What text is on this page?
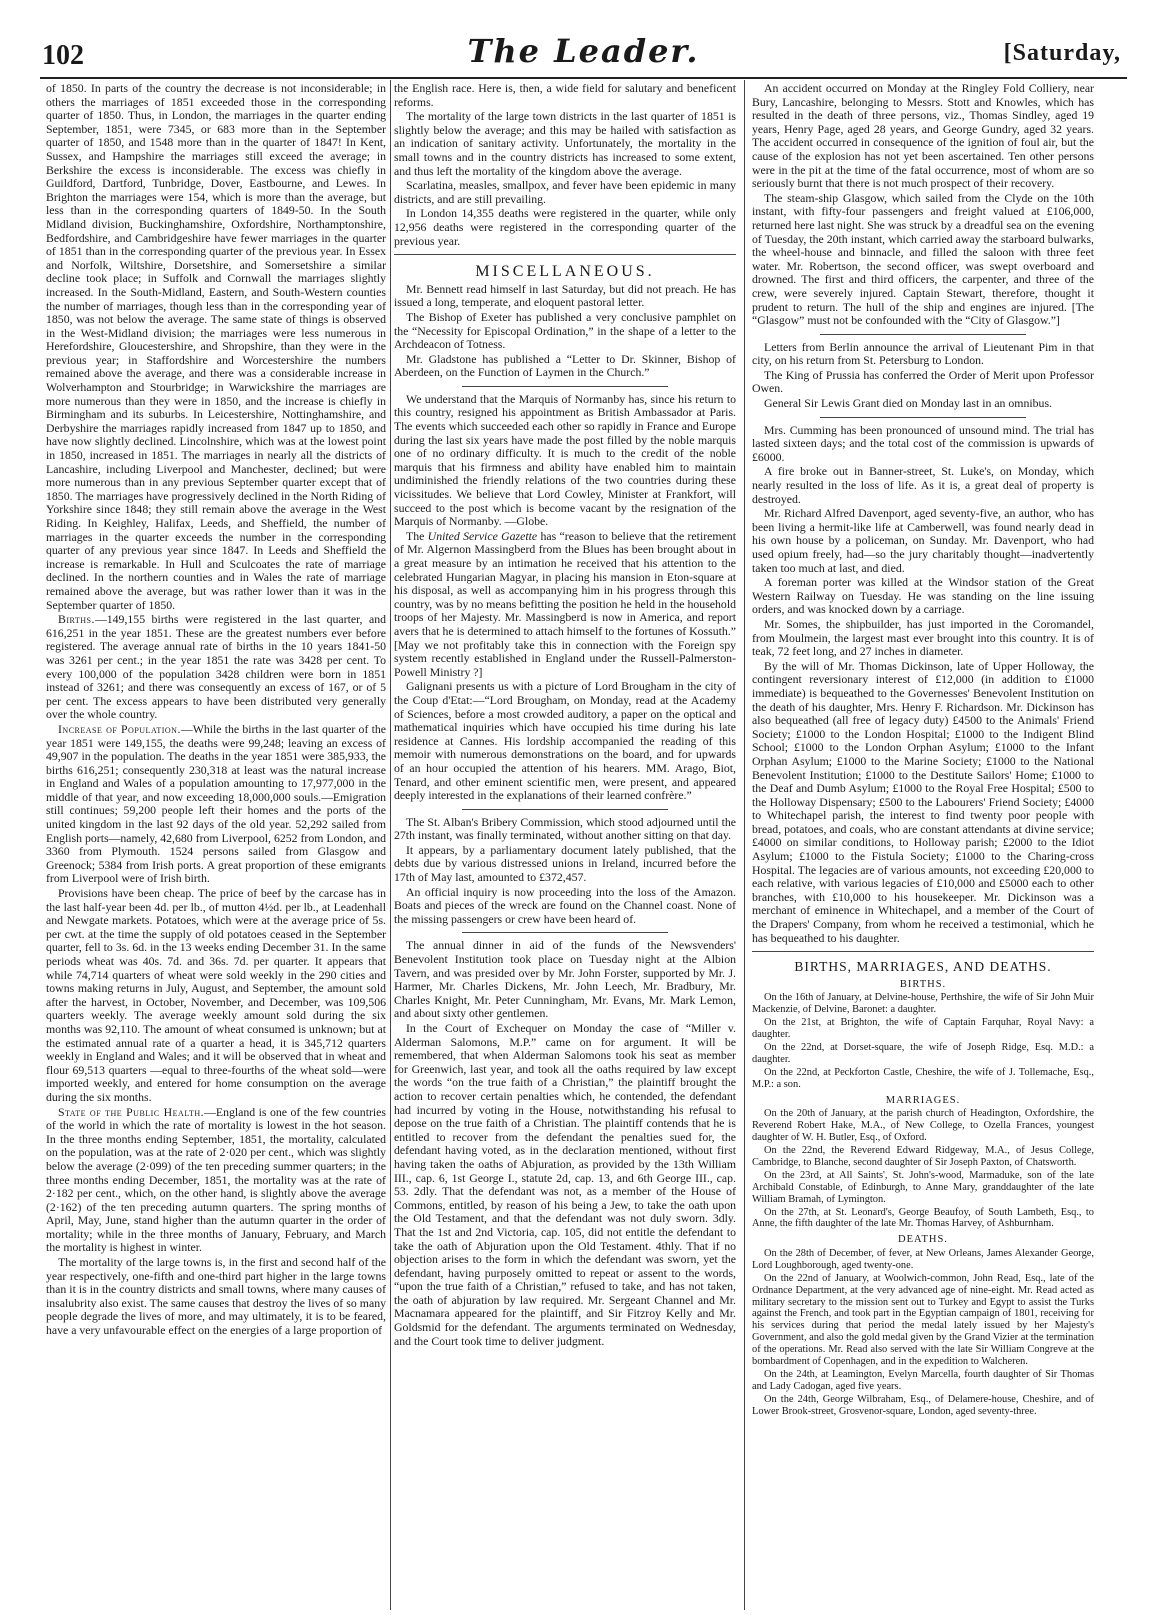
102	The Leader.	[Saturday,

of 1850. In parts of the country the decrease is not inconsiderable; in others the marriages of 1851 exceeded those in the corresponding quarter of 1850. Thus, in London, the marriages in the quarter ending September, 1851, were 7345, or 683 more than in the September quarter of 1850, and 1548 more than in the quarter of 1847! In Kent, Sussex, and Hampshire the marriages still exceed the average; in Berkshire the excess is inconsiderable. The excess was chiefly in Guildford, Dartford, Tunbridge, Dover, Eastbourne, and Lewes. In Brighton the marriages were 154, which is more than the average, but less than in the corresponding quarters of 1849-50. In the South Midland division, Buckinghamshire, Oxfordshire, Northamptonshire, Bedfordshire, and Cambridgeshire have fewer marriages in the quarter of 1851 than in the corresponding quarter of the previous year. In Essex and Norfolk, Wiltshire, Dorsetshire, and Somersetshire a similar decline took place; in Suffolk and Cornwall the marriages slightly increased. In the South-Midland, Eastern, and South-Western counties the number of marriages, though less than in the corresponding year of 1850, was not below the average. The same state of things is observed in the West-Midland division; the marriages were less numerous in Herefordshire, Gloucestershire, and Shropshire, than they were in the previous year; in Staffordshire and Worcestershire the numbers remained above the average, and there was a considerable increase in Wolverhampton and Stourbridge; in Warwickshire the marriages are more numerous than they were in 1850, and the increase is chiefly in Birmingham and its suburbs. In Leicestershire, Nottinghamshire, and Derbyshire the marriages rapidly increased from 1847 up to 1850, and have now slightly declined. Lincolnshire, which was at the lowest point in 1850, increased in 1851. The marriages in nearly all the districts of Lancashire, including Liverpool and Manchester, declined; but were more numerous than in any previous September quarter except that of 1850. The marriages have progressively declined in the North Riding of Yorkshire since 1848; they still remain above the average in the West Riding. In Keighley, Halifax, Leeds, and Sheffield, the number of marriages in the quarter exceeds the number in the corresponding quarter of any previous year since 1847. In Leeds and Sheffield the increase is remarkable. In Hull and Sculcoates the rate of marriage declined. In the northern counties and in Wales the rate of marriage remained above the average, but was rather lower than it was in the September quarter of 1850.

Births.—149,155 births were registered in the last quarter, and 616,251 in the year 1851. These are the greatest numbers ever before registered. The average annual rate of births in the 10 years 1841-50 was 3261 per cent.; in the year 1851 the rate was 3428 per cent. To every 100,000 of the population 3428 children were born in 1851 instead of 3261; and there was consequently an excess of 167, or of 5 per cent. The excess appears to have been distributed very generally over the whole country.

Increase of Population.—While the births in the last quarter of the year 1851 were 149,155, the deaths were 99,248; leaving an excess of 49,907 in the population. The deaths in the year 1851 were 385,933, the births 616,251; consequently 230,318 at least was the natural increase in England and Wales of a population amounting to 17,977,000 in the middle of that year, and now exceeding 18,000,000 souls.—Emigration still continues; 59,200 people left their homes and the ports of the united kingdom in the last 92 days of the old year. 52,292 sailed from English ports—namely, 42,680 from Liverpool, 6252 from London, and 3360 from Plymouth. 1524 persons sailed from Glasgow and Greenock; 5384 from Irish ports. A great proportion of these emigrants from Liverpool were of Irish birth.

Provisions have been cheap. The price of beef by the carcase has in the last half-year been 4d. per lb., of mutton 4½d. per lb., at Leadenhall and Newgate markets. Potatoes, which were at the average price of 5s. per cwt. at the time the supply of old potatoes ceased in the September quarter, fell to 3s. 6d. in the 13 weeks ending December 31. In the same periods wheat was 40s. 7d. and 36s. 7d. per quarter. It appears that while 74,714 quarters of wheat were sold weekly in the 290 cities and towns making returns in July, August, and September, the amount sold after the harvest, in October, November, and December, was 109,506 quarters weekly. The average weekly amount sold during the six months was 92,110. The amount of wheat consumed is unknown; but at the estimated annual rate of a quarter a head, it is 345,712 quarters weekly in England and Wales; and it will be observed that in wheat and flour 69,513 quarters —equal to three-fourths of the wheat sold—were imported weekly, and entered for home consumption on the average during the six months.

State of the Public Health.—England is one of the few countries of the world in which the rate of mortality is lowest in the hot season. In the three months ending September, 1851, the mortality, calculated on the population, was at the rate of 2·020 per cent., which was slightly below the average (2·099) of the ten preceding summer quarters; in the three months ending December, 1851, the mortality was at the rate of 2·182 per cent., which, on the other hand, is slightly above the average (2·162) of the ten preceding autumn quarters. The spring months of April, May, June, stand higher than the autumn quarter in the order of mortality; while in the three months of January, February, and March the mortality is highest in winter.

The mortality of the large towns is, in the first and second half of the year respectively, one-fifth and one-third part higher in the large towns than it is in the country districts and small towns, where many causes of insalubrity also exist. The same causes that destroy the lives of so many people degrade the lives of more, and may ultimately, it is to be feared, have a very unfavourable effect on the energies of a large proportion of

the English race. Here is, then, a wide field for salutary and beneficent reforms.

The mortality of the large town districts in the last quarter of 1851 is slightly below the average; and this may be hailed with satisfaction as an indication of sanitary activity. Unfortunately, the mortality in the small towns and in the country districts has increased to some extent, and thus left the mortality of the kingdom above the average.

Scarlatina, measles, smallpox, and fever have been epidemic in many districts, and are still prevailing.

In London 14,355 deaths were registered in the quarter, while only 12,956 deaths were registered in the corresponding quarter of the previous year.

MISCELLANEOUS.

Mr. Bennett read himself in last Saturday, but did not preach. He has issued a long, temperate, and eloquent pastoral letter.

The Bishop of Exeter has published a very conclusive pamphlet on the “Necessity for Episcopal Ordination,” in the shape of a letter to the Archdeacon of Totness.

Mr. Gladstone has published a “Letter to Dr. Skinner, Bishop of Aberdeen, on the Function of Laymen in the Church.”

We understand that the Marquis of Normanby has, since his return to this country, resigned his appointment as British Ambassador at Paris. The events which succeeded each other so rapidly in France and Europe during the last six years have made the post filled by the noble marquis one of no ordinary difficulty. It is much to the credit of the noble marquis that his firmness and ability have enabled him to maintain undiminished the friendly relations of the two countries during these vicissitudes. We believe that Lord Cowley, Minister at Frankfort, will succeed to the post which is become vacant by the resignation of the Marquis of Normanby. —Globe.

The United Service Gazette has “reason to believe that the retirement of Mr. Algernon Massingberd from the Blues has been brought about in a great measure by an intimation he received that his attention to the celebrated Hungarian Magyar, in placing his mansion in Eton-square at his disposal, as well as accompanying him in his progress through this country, was by no means befitting the position he held in the household troops of her Majesty. Mr. Massingberd is now in America, and report avers that he is determined to attach himself to the fortunes of Kossuth.” [May we not profitably take this in connection with the Foreign spy system recently established in England under the Russell-Palmerston-Powell Ministry ?]

Galignani presents us with a picture of Lord Brougham in the city of the Coup d'Etat:—“Lord Brougham, on Monday, read at the Academy of Sciences, before a most crowded auditory, a paper on the optical and mathematical inquiries which have occupied his time during his late residence at Cannes. His lordship accompanied the reading of this memoir with numerous demonstrations on the board, and for upwards of an hour occupied the attention of his hearers. MM. Arago, Biot, Tenard, and other eminent scientific men, were present, and appeared deeply interested in the explanations of their learned confrère.”

The St. Alban's Bribery Commission, which stood adjourned until the 27th instant, was finally terminated, without another sitting on that day.

It appears, by a parliamentary document lately published, that the debts due by various distressed unions in Ireland, incurred before the 17th of May last, amounted to £372,457.

An official inquiry is now proceeding into the loss of the Amazon. Boats and pieces of the wreck are found on the Channel coast. None of the missing passengers or crew have been heard of.

The annual dinner in aid of the funds of the Newsvenders' Benevolent Institution took place on Tuesday night at the Albion Tavern, and was presided over by Mr. John Forster, supported by Mr. J. Harmer, Mr. Charles Dickens, Mr. John Leech, Mr. Bradbury, Mr. Charles Knight, Mr. Peter Cunningham, Mr. Evans, Mr. Mark Lemon, and about sixty other gentlemen.

In the Court of Exchequer on Monday the case of “Miller v. Alderman Salomons, M.P.” came on for argument. It will be remembered, that when Alderman Salomons took his seat as member for Greenwich, last year, and took all the oaths required by law except the words “on the true faith of a Christian,” the plaintiff brought the action to recover certain penalties which, he contended, the defendant had incurred by voting in the House, notwithstanding his refusal to depose on the true faith of a Christian. The plaintiff contends that he is entitled to recover from the defendant the penalties sued for, the defendant having voted, as in the declaration mentioned, without first having taken the oaths of Abjuration, as provided by the 13th William III., cap. 6, 1st George I., statute 2d, cap. 13, and 6th George III., cap. 53. 2dly. That the defendant was not, as a member of the House of Commons, entitled, by reason of his being a Jew, to take the oath upon the Old Testament, and that the defendant was not duly sworn. 3dly. That the 1st and 2nd Victoria, cap. 105, did not entitle the defendant to take the oath of Abjuration upon the Old Testament. 4thly. That if no objection arises to the form in which the defendant was sworn, yet the defendant, having purposely omitted to repeat or assent to the words, “upon the true faith of a Christian,” refused to take, and has not taken, the oath of abjuration by law required. Mr. Sergeant Channel and Mr. Macnamara appeared for the plaintiff, and Sir Fitzroy Kelly and Mr. Goldsmid for the defendant. The arguments terminated on Wednesday, and the Court took time to deliver judgment.

An accident occurred on Monday at the Ringley Fold Colliery, near Bury, Lancashire, belonging to Messrs. Stott and Knowles, which has resulted in the death of three persons, viz., Thomas Sindley, aged 19 years, Henry Page, aged 28 years, and George Gundry, aged 32 years. The accident occurred in consequence of the ignition of foul air, but the cause of the explosion has not yet been ascertained. Ten other persons were in the pit at the time of the fatal occurrence, most of whom are so seriously burnt that there is not much prospect of their recovery.

The steam-ship Glasgow, which sailed from the Clyde on the 10th instant, with fifty-four passengers and freight valued at £106,000, returned here last night. She was struck by a dreadful sea on the evening of Tuesday, the 20th instant, which carried away the starboard bulwarks, the wheel-house and binnacle, and filled the saloon with three feet water. Mr. Robertson, the second officer, was swept overboard and drowned. The first and third officers, the carpenter, and three of the crew, were severely injured. Captain Stewart, therefore, thought it prudent to return. The hull of the ship and engines are injured. [The “Glasgow” must not be confounded with the “City of Glasgow.”]

Letters from Berlin announce the arrival of Lieutenant Pim in that city, on his return from St. Petersburg to London.

The King of Prussia has conferred the Order of Merit upon Professor Owen.

General Sir Lewis Grant died on Monday last in an omnibus.

Mrs. Cumming has been pronounced of unsound mind. The trial has lasted sixteen days; and the total cost of the commission is upwards of £6000.

A fire broke out in Banner-street, St. Luke's, on Monday, which nearly resulted in the loss of life. As it is, a great deal of property is destroyed.

Mr. Richard Alfred Davenport, aged seventy-five, an author, who has been living a hermit-like life at Camberwell, was found nearly dead in his own house by a policeman, on Sunday. Mr. Davenport, who had used opium freely, had—so the jury charitably thought—inadvertently taken too much at last, and died.

A foreman porter was killed at the Windsor station of the Great Western Railway on Tuesday. He was standing on the line issuing orders, and was knocked down by a carriage.

Mr. Somes, the shipbuilder, has just imported in the Coromandel, from Moulmein, the largest mast ever brought into this country. It is of teak, 72 feet long, and 27 inches in diameter.

By the will of Mr. Thomas Dickinson, late of Upper Holloway, the contingent reversionary interest of £12,000 (in addition to £1000 immediate) is bequeathed to the Governesses' Benevolent Institution on the death of his daughter, Mrs. Henry F. Richardson. Mr. Dickinson has also bequeathed (all free of legacy duty) £4500 to the Animals' Friend Society; £1000 to the London Hospital; £1000 to the Indigent Blind School; £1000 to the London Orphan Asylum; £1000 to the Infant Orphan Asylum; £1000 to the Marine Society; £1000 to the National Benevolent Institution; £1000 to the Destitute Sailors' Home; £1000 to the Deaf and Dumb Asylum; £1000 to the Royal Free Hospital; £500 to the Holloway Dispensary; £500 to the Labourers' Friend Society; £4000 to Whitechapel parish, the interest to find twenty poor people with bread, potatoes, and coals, who are constant attendants at divine service; £4000 on similar conditions, to Holloway parish; £2000 to the Idiot Asylum; £1000 to the Fistula Society; £1000 to the Charing-cross Hospital. The legacies are of various amounts, not exceeding £20,000 to each relative, with various legacies of £10,000 and £5000 each to other branches, with £10,000 to his housekeeper. Mr. Dickinson was a merchant of eminence in Whitechapel, and a member of the Court of the Drapers' Company, from whom he received a testimonial, which he has bequeathed to his daughter.

BIRTHS, MARRIAGES, AND DEATHS.
BIRTHS.

On the 16th of January, at Delvine-house, Perthshire, the wife of Sir John Muir Mackenzie, of Delvine, Baronet: a daughter.

On the 21st, at Brighton, the wife of Captain Farquhar, Royal Navy: a daughter.

On the 22nd, at Dorset-square, the wife of Joseph Ridge, Esq. M.D.: a daughter.

On the 22nd, at Peckforton Castle, Cheshire, the wife of J. Tollemache, Esq., M.P.: a son.

MARRIAGES.

On the 20th of January, at the parish church of Headington, Oxfordshire, the Reverend Robert Hake, M.A., of New College, to Ozella Frances, youngest daughter of W. H. Butler, Esq., of Oxford.

On the 22nd, the Reverend Edward Ridgeway, M.A., of Jesus College, Cambridge, to Blanche, second daughter of Sir Joseph Paxton, of Chatsworth.

On the 23rd, at All Saints', St. John's-wood, Marmaduke, son of the late Archibald Constable, of Edinburgh, to Anne Mary, granddaughter of the late William Bramah, of Lymington.

On the 27th, at St. Leonard's, George Beaufoy, of South Lambeth, Esq., to Anne, the fifth daughter of the late Mr. Thomas Harvey, of Ashburnham.

DEATHS.

On the 28th of December, of fever, at New Orleans, James Alexander George, Lord Loughborough, aged twenty-one.

On the 22nd of January, at Woolwich-common, John Read, Esq., late of the Ordnance Department, at the very advanced age of nine-eight. Mr. Read acted as military secretary to the mission sent out to Turkey and Egypt to assist the Turks against the French, and took part in the Egyptian campaign of 1801, receiving for his services during that period the medal lately issued by her Majesty's Government, and also the gold medal given by the Grand Vizier at the termination of the operations. Mr. Read also served with the late Sir William Congreve at the bombardment of Copenhagen, and in the expedition to Walcheren.

On the 24th, at Leamington, Evelyn Marcella, fourth daughter of Sir Thomas and Lady Cadogan, aged five years.

On the 24th, George Wilbraham, Esq., of Delamere-house, Cheshire, and of Lower Brook-street, Grosvenor-square, London, aged seventy-three.
